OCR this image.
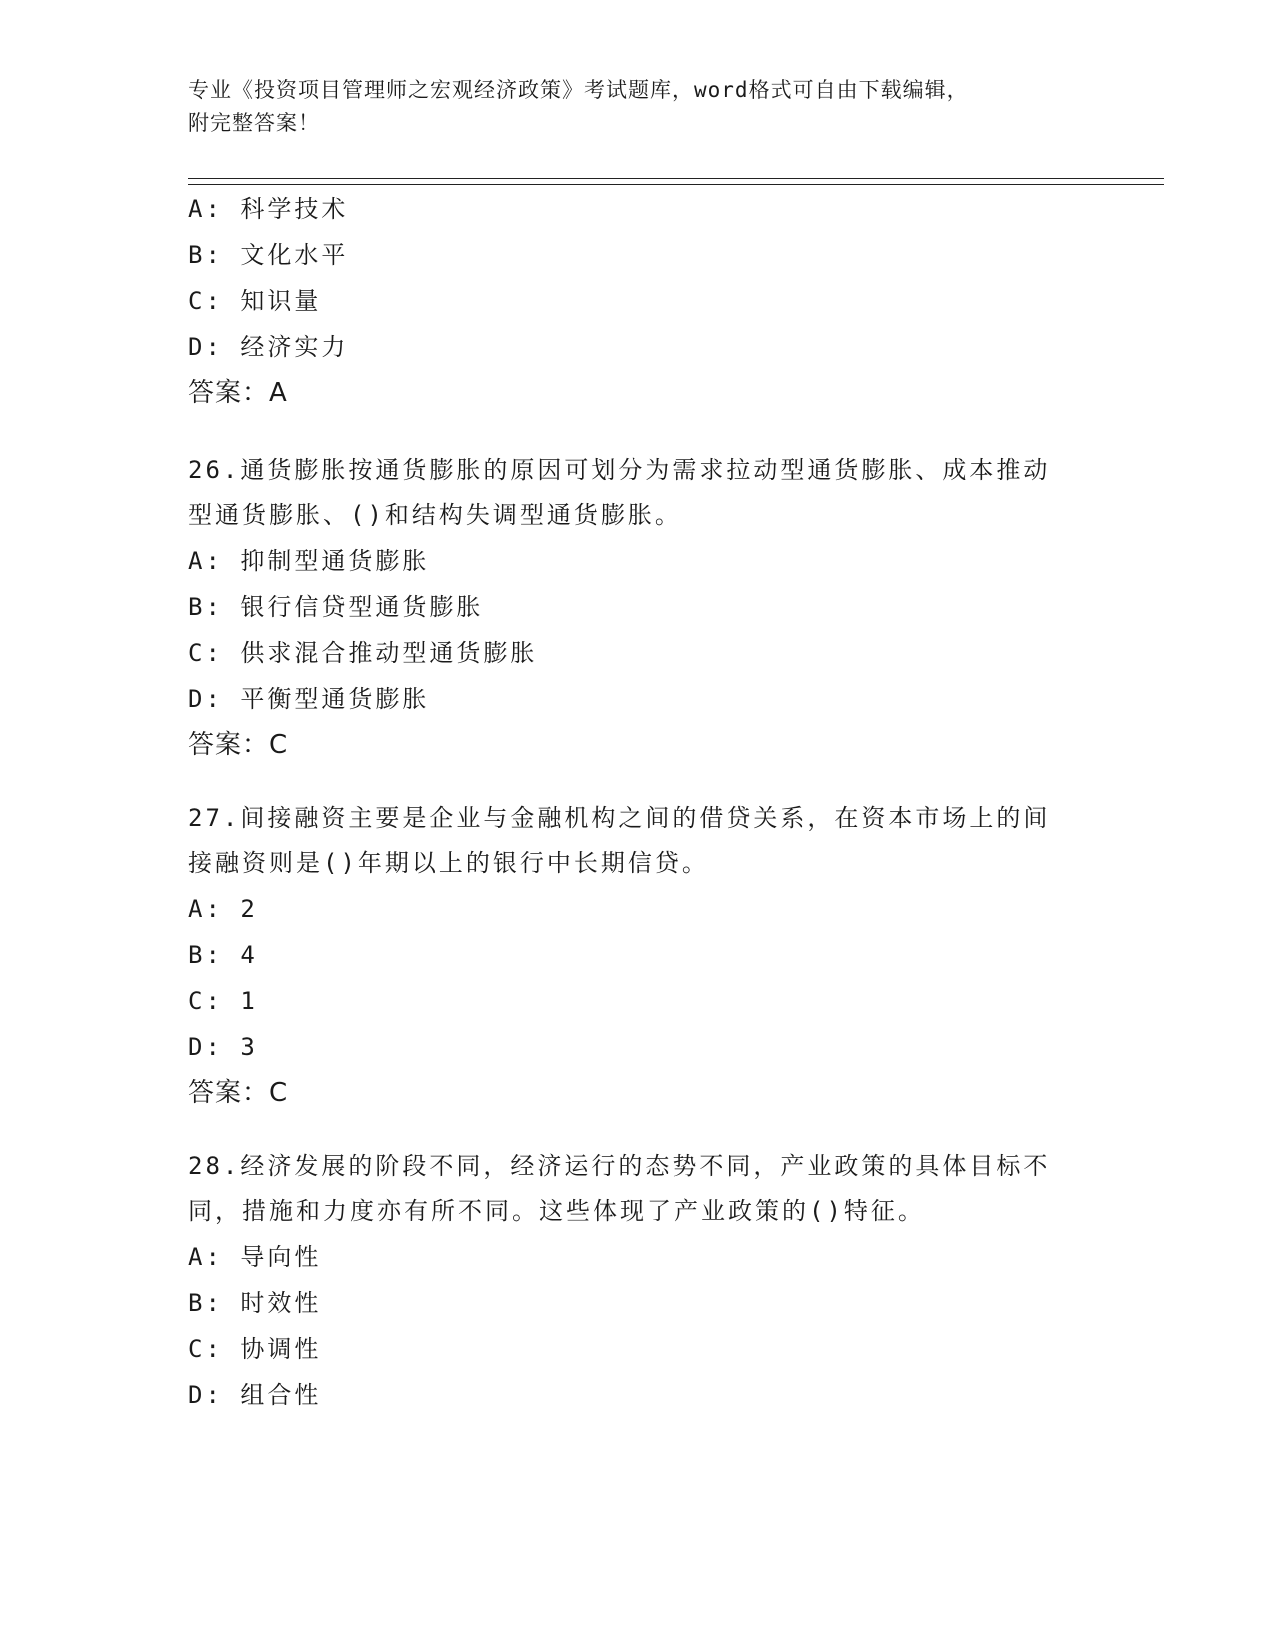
专业《投资项目管理师之宏观经济政策》考试题库，word格式可自由下载编辑，
附完整答案！
A: 科学技术
B: 文化水平
C: 知识量
D: 经济实力
答案：A
26.通货膨胀按通货膨胀的原因可划分为需求拉动型通货膨胀、成本推动型通货膨胀、()和结构失调型通货膨胀。
A: 抑制型通货膨胀
B: 银行信贷型通货膨胀
C: 供求混合推动型通货膨胀
D: 平衡型通货膨胀
答案：C
27.间接融资主要是企业与金融机构之间的借贷关系，在资本市场上的间接融资则是()年期以上的银行中长期信贷。
A: 2
B: 4
C: 1
D: 3
答案：C
28.经济发展的阶段不同，经济运行的态势不同，产业政策的具体目标不同，措施和力度亦有所不同。这些体现了产业政策的()特征。
A: 导向性
B: 时效性
C: 协调性
D: 组合性
